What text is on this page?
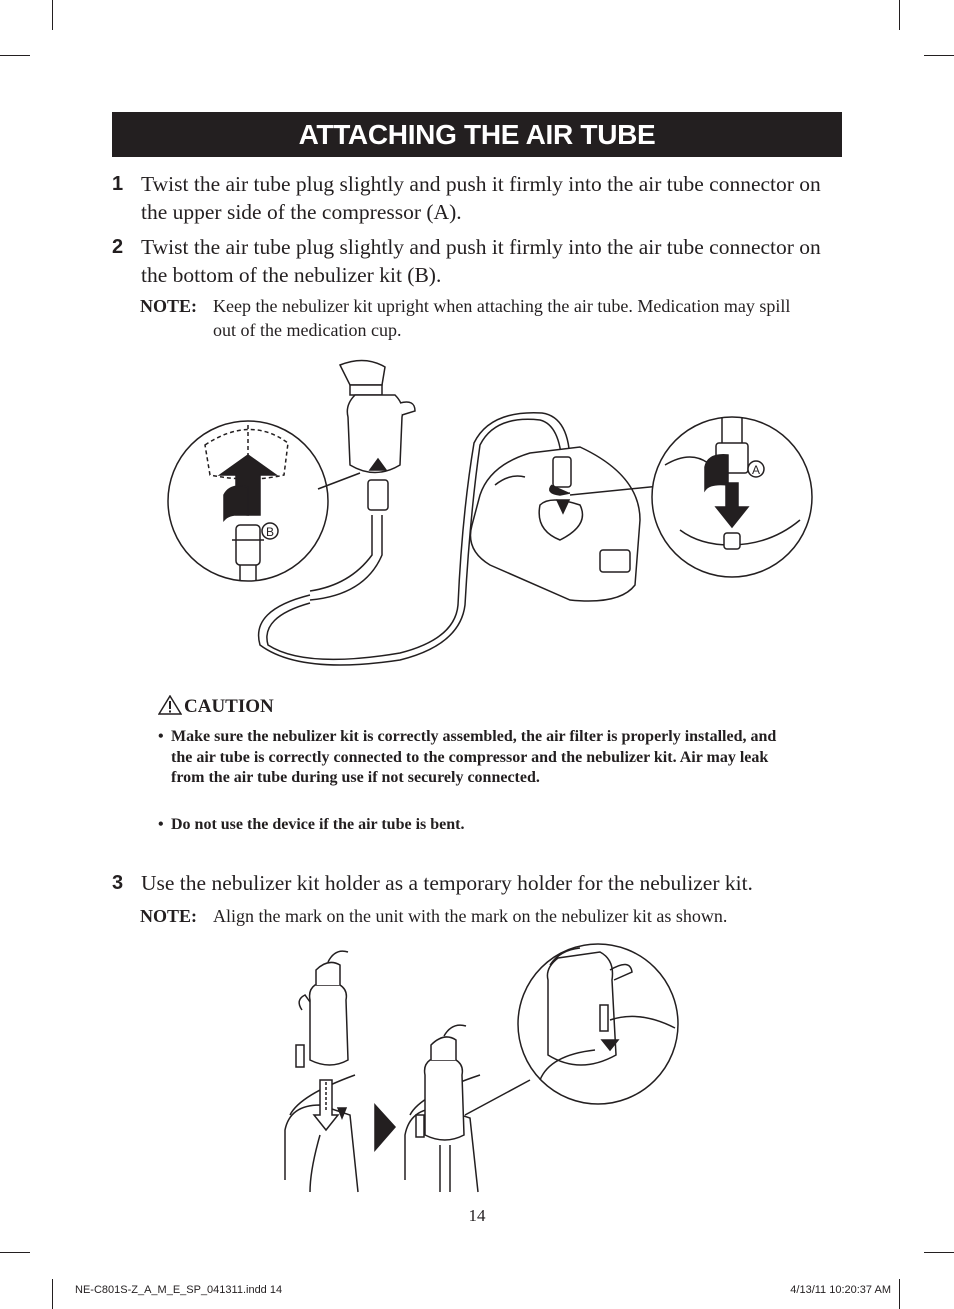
ATTACHING THE AIR TUBE
1 Twist the air tube plug slightly and push it firmly into the air tube connector on the upper side of the compressor (A).
2 Twist the air tube plug slightly and push it firmly into the air tube connector on the bottom of the nebulizer kit (B).
NOTE: Keep the nebulizer kit upright when attaching the air tube. Medication may spill out of the medication cup.
B
A
CAUTION
• Make sure the nebulizer kit is correctly assembled, the air filter is properly installed, and the air tube is correctly connected to the compressor and the nebulizer kit. Air may leak from the air tube during use if not securely connected.
• Do not use the device if the air tube is bent.
3 Use the nebulizer kit holder as a temporary holder for the nebulizer kit.
NOTE: Align the mark on the unit with the mark on the nebulizer kit as shown.
14
NE-C801S-Z_A_M_E_SP_041311.indd 14	4/13/11 10:20:37 AM
